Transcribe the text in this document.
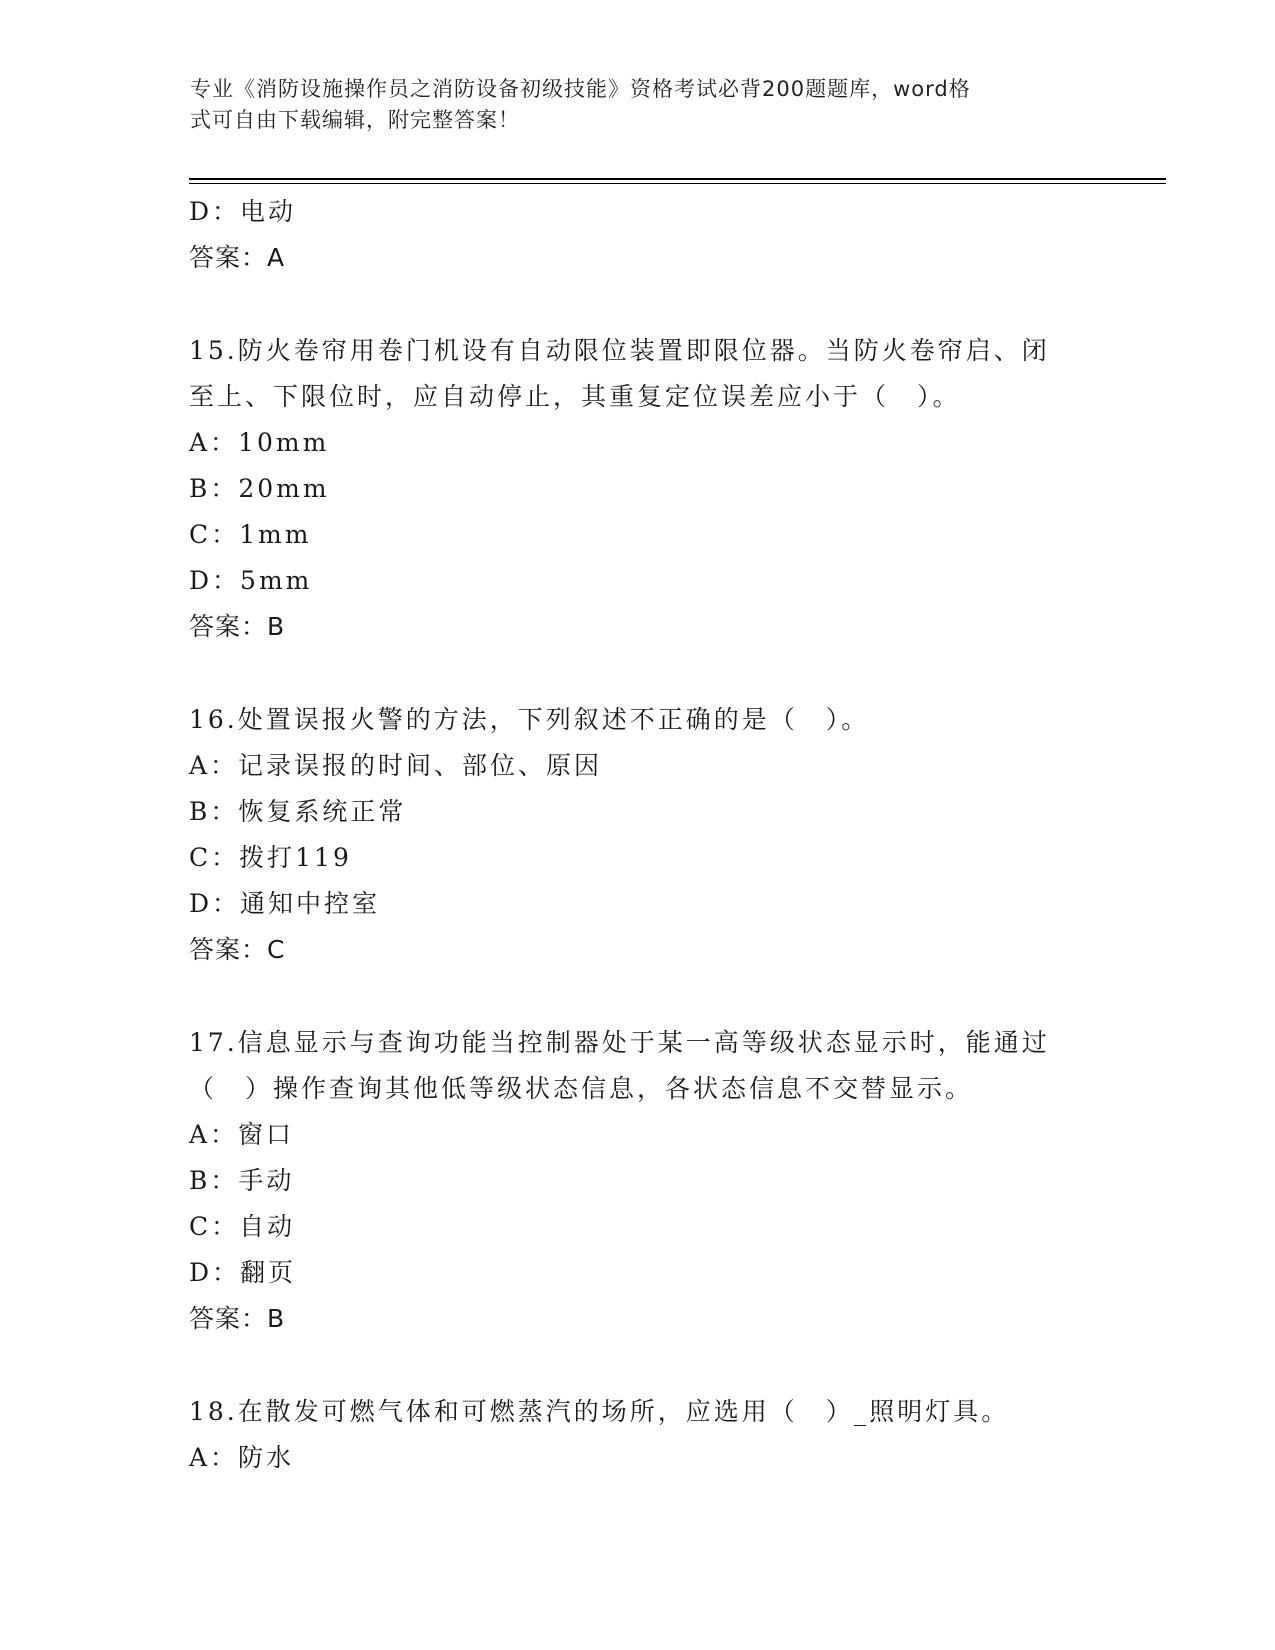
专业《消防设施操作员之消防设备初级技能》资格考试必背200题题库，word格
式可自由下载编辑，附完整答案！
D：电动
答案：A
15.防火卷帘用卷门机设有自动限位装置即限位器。当防火卷帘启、闭
至上、下限位时，应自动停止，其重复定位误差应小于（　）。
A：10mm
B：20mm
C：1mm
D：5mm
答案：B
16.处置误报火警的方法，下列叙述不正确的是（　）。
A：记录误报的时间、部位、原因
B：恢复系统正常
C：拨打119
D：通知中控室
答案：C
17.信息显示与查询功能当控制器处于某一高等级状态显示时，能通过
（　）操作查询其他低等级状态信息，各状态信息不交替显示。
A：窗口
B：手动
C：自动
D：翻页
答案：B
18.在散发可燃气体和可燃蒸汽的场所，应选用（　）_照明灯具。
A：防水
